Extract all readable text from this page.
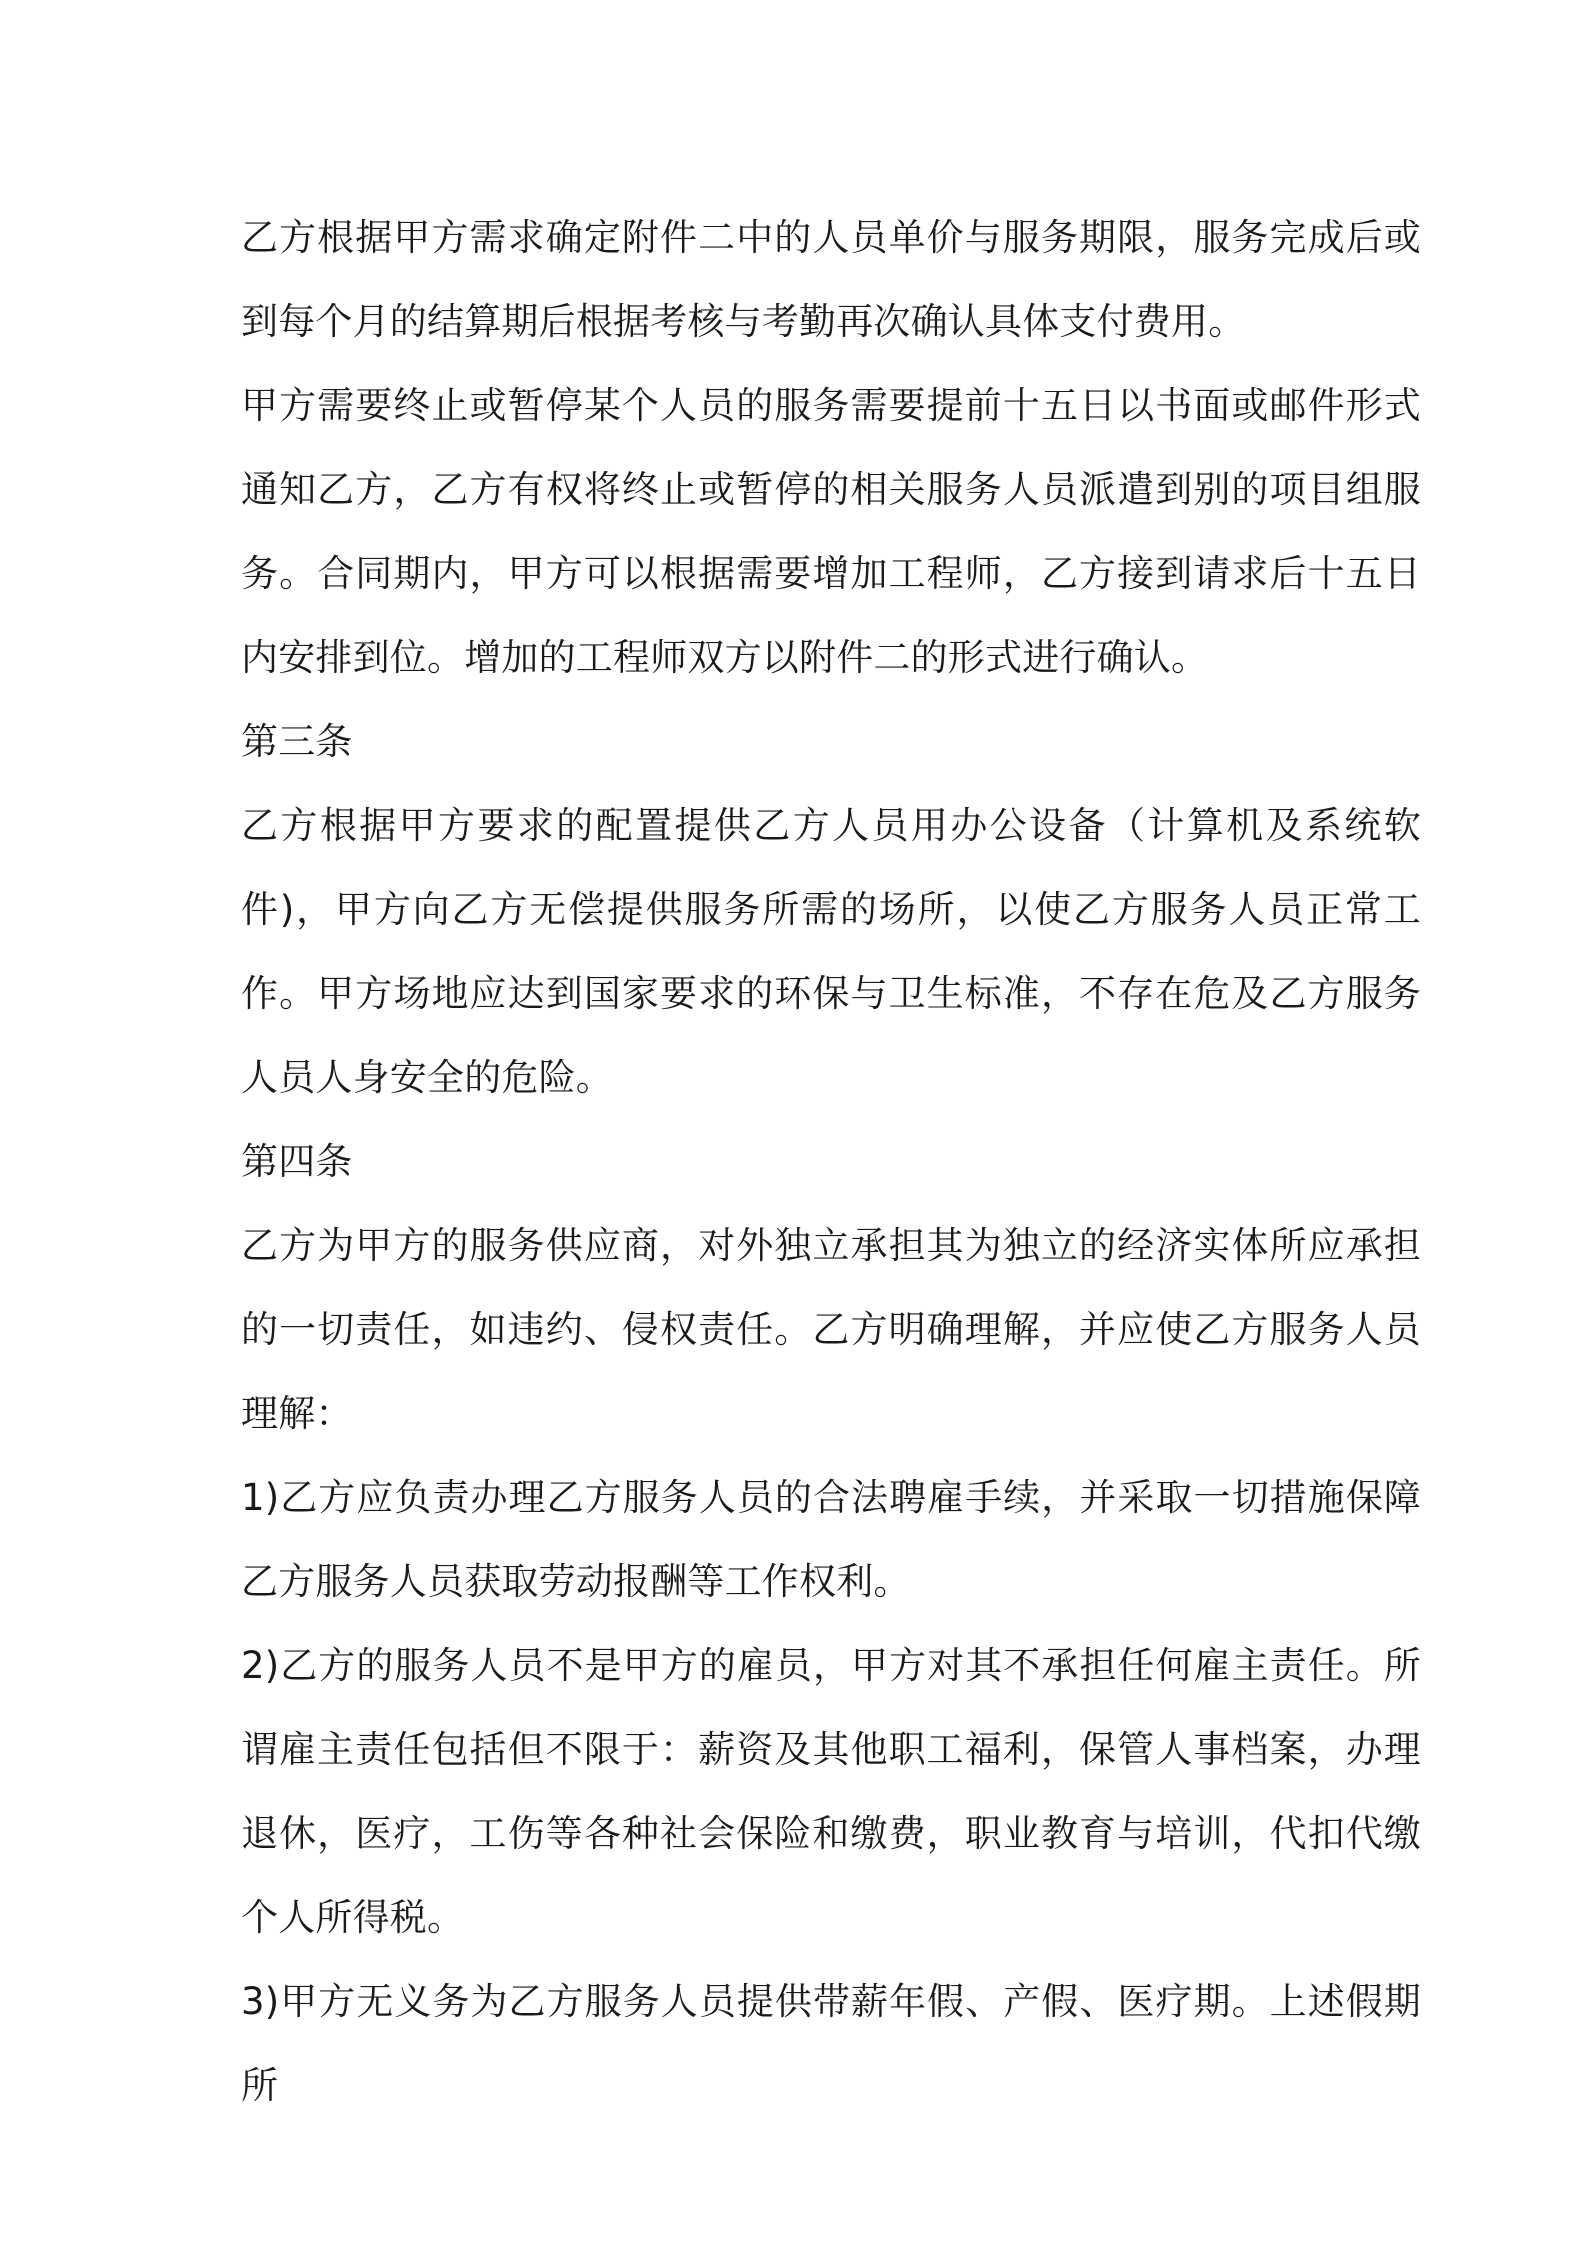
乙方根据甲方需求确定附件二中的人员单价与服务期限，服务完成后或到每个月的结算期后根据考核与考勤再次确认具体支付费用。

甲方需要终止或暂停某个人员的服务需要提前十五日以书面或邮件形式通知乙方，乙方有权将终止或暂停的相关服务人员派遣到别的项目组服务。合同期内，甲方可以根据需要增加工程师，乙方接到请求后十五日内安排到位。增加的工程师双方以附件二的形式进行确认。

第三条

乙方根据甲方要求的配置提供乙方人员用办公设备（计算机及系统软件)，甲方向乙方无偿提供服务所需的场所，以使乙方服务人员正常工作。甲方场地应达到国家要求的环保与卫生标准，不存在危及乙方服务人员人身安全的危险。

第四条

乙方为甲方的服务供应商，对外独立承担其为独立的经济实体所应承担的一切责任，如违约、侵权责任。乙方明确理解，并应使乙方服务人员理解：

1)乙方应负责办理乙方服务人员的合法聘雇手续，并采取一切措施保障乙方服务人员获取劳动报酬等工作权利。

2)乙方的服务人员不是甲方的雇员，甲方对其不承担任何雇主责任。所谓雇主责任包括但不限于：薪资及其他职工福利，保管人事档案，办理退休，医疗，工伤等各种社会保险和缴费，职业教育与培训，代扣代缴个人所得税。

3)甲方无义务为乙方服务人员提供带薪年假、产假、医疗期。上述假期所
